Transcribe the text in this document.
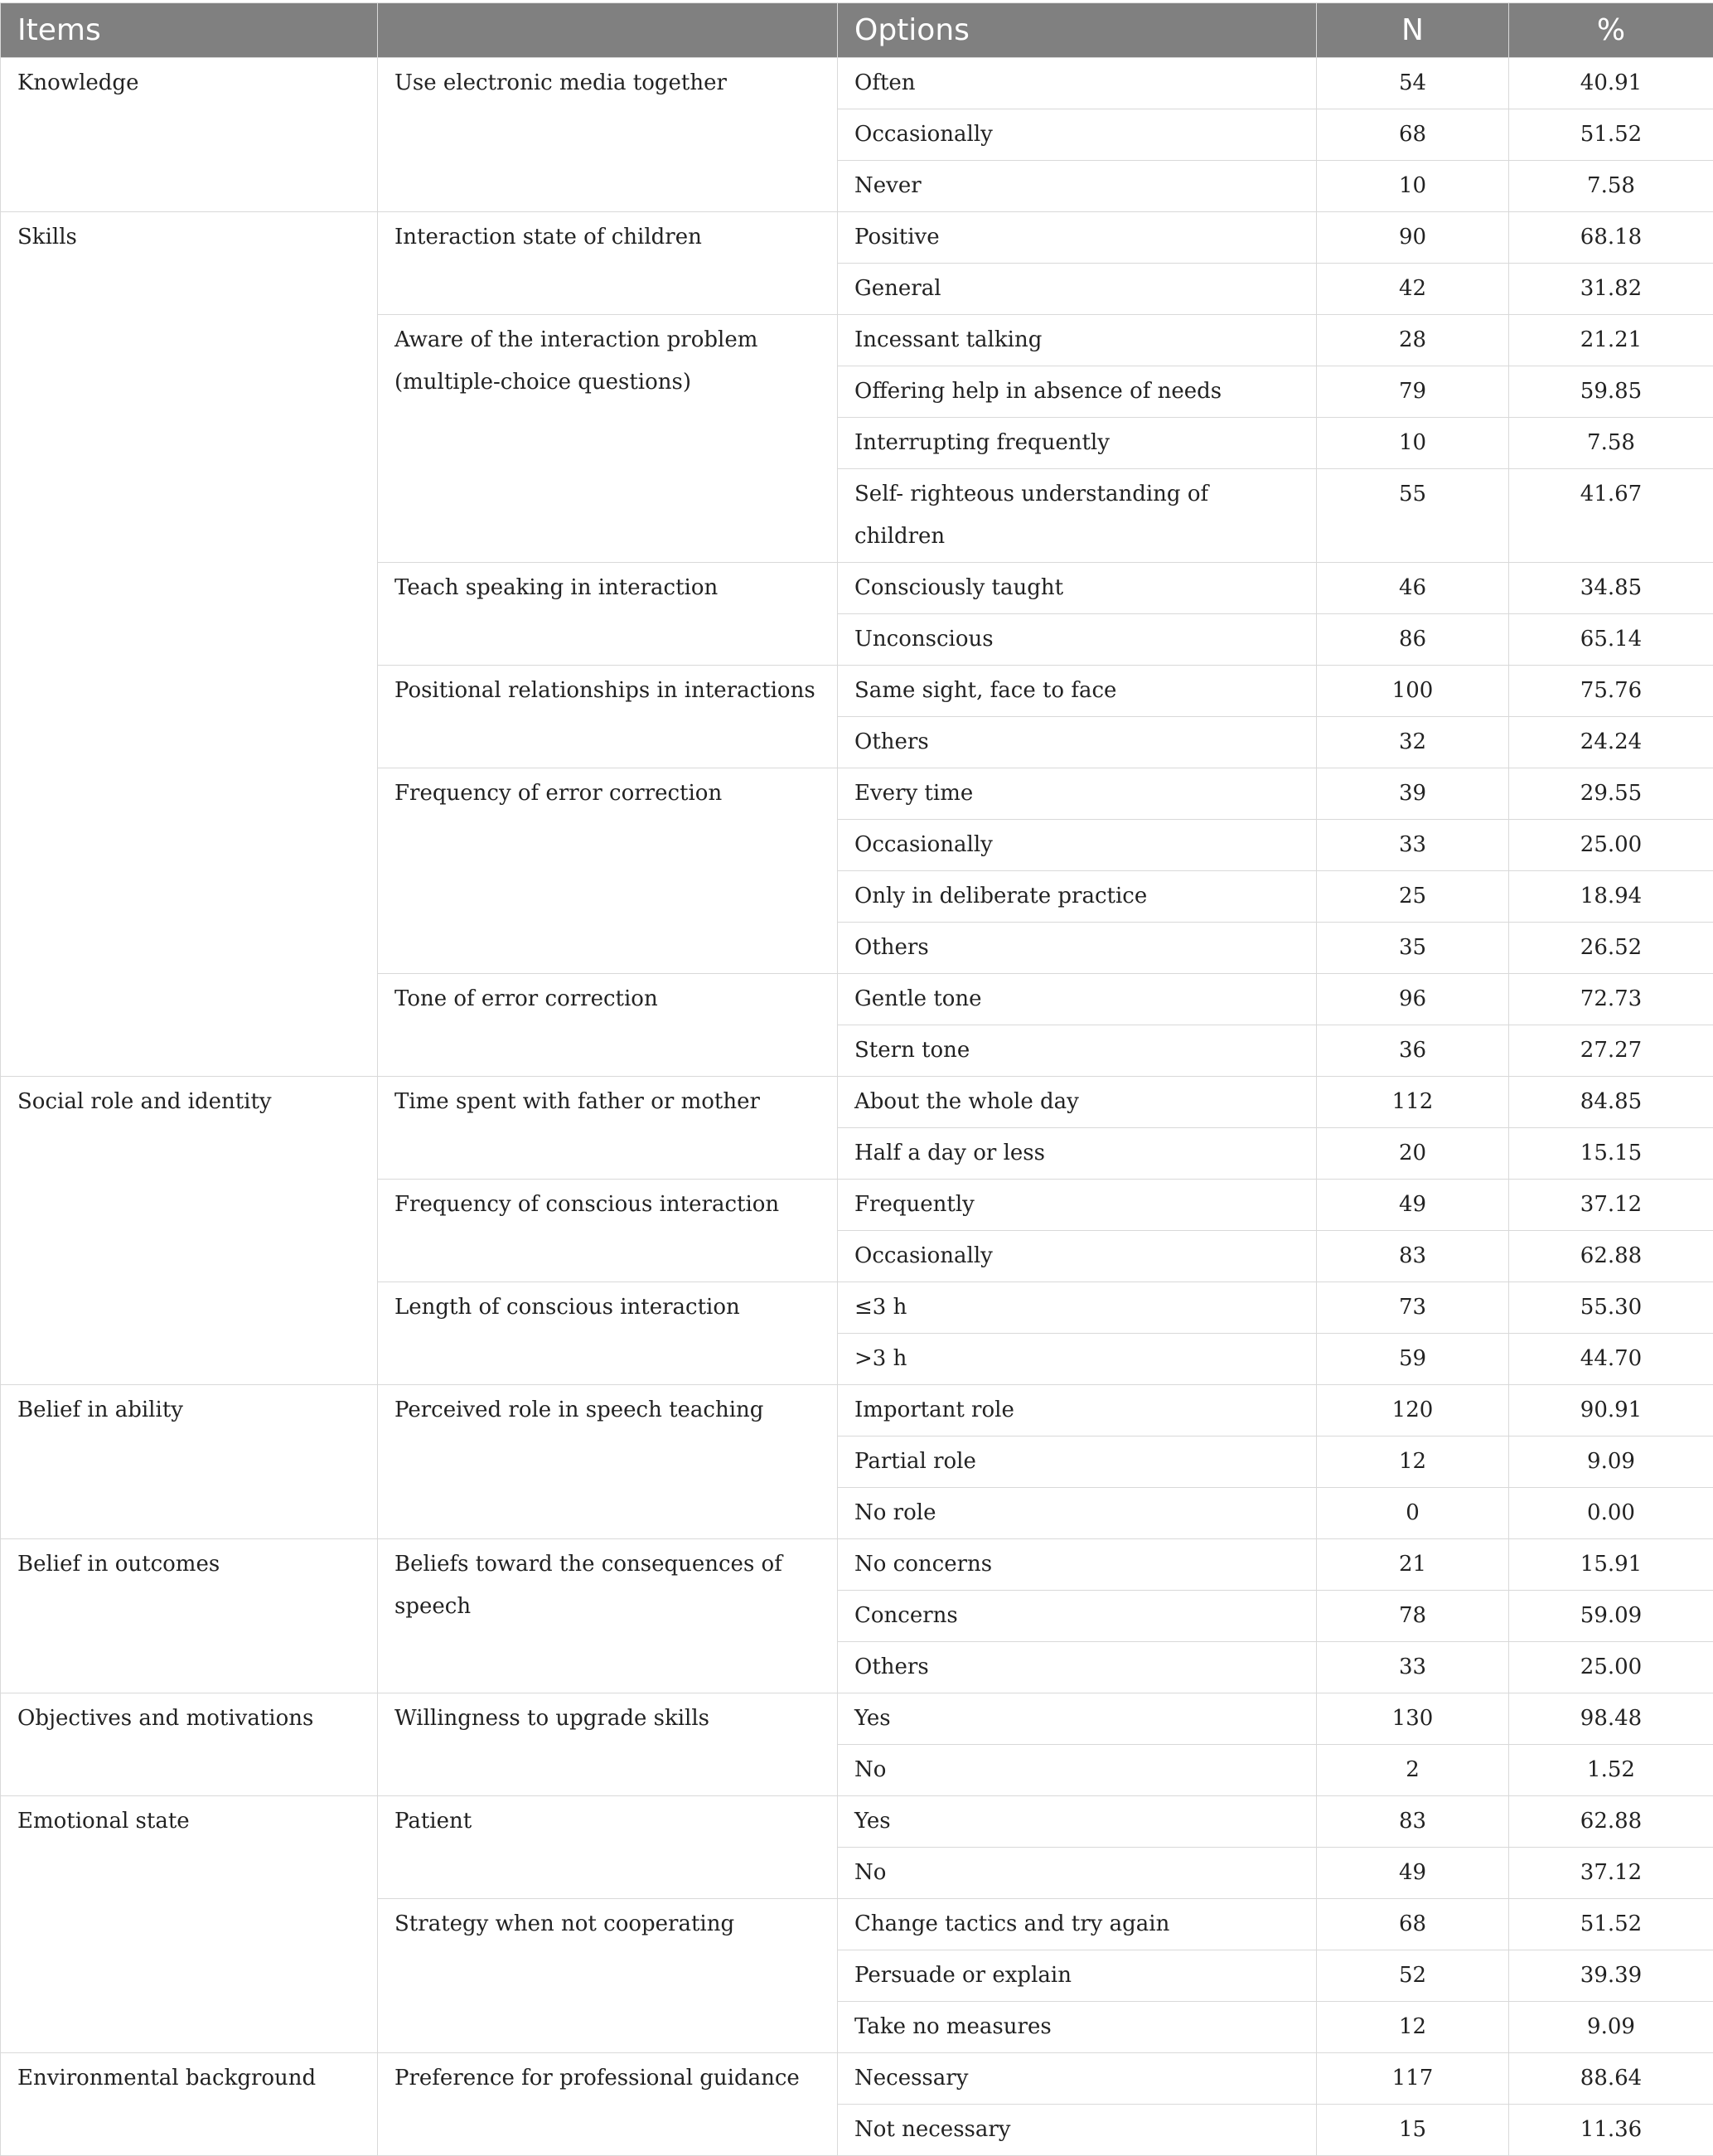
Items		Options	N	%
Knowledge	Use electronic media together	Often	54	40.91
		Occasionally	68	51.52
		Never	10	7.58
Skills	Interaction state of children	Positive	90	68.18
		General	42	31.82
	Aware of the interaction problem (multiple-choice questions)	Incessant talking	28	21.21
		Offering help in absence of needs	79	59.85
		Interrupting frequently	10	7.58
		Self- righteous understanding of children	55	41.67
	Teach speaking in interaction	Consciously taught	46	34.85
		Unconscious	86	65.14
	Positional relationships in interactions	Same sight, face to face	100	75.76
		Others	32	24.24
	Frequency of error correction	Every time	39	29.55
		Occasionally	33	25.00
		Only in deliberate practice	25	18.94
		Others	35	26.52
	Tone of error correction	Gentle tone	96	72.73
		Stern tone	36	27.27
Social role and identity	Time spent with father or mother	About the whole day	112	84.85
		Half a day or less	20	15.15
	Frequency of conscious interaction	Frequently	49	37.12
		Occasionally	83	62.88
	Length of conscious interaction	≤3 h	73	55.30
		>3 h	59	44.70
Belief in ability	Perceived role in speech teaching	Important role	120	90.91
		Partial role	12	9.09
		No role	0	0.00
Belief in outcomes	Beliefs toward the consequences of speech	No concerns	21	15.91
		Concerns	78	59.09
		Others	33	25.00
Objectives and motivations	Willingness to upgrade skills	Yes	130	98.48
		No	2	1.52
Emotional state	Patient	Yes	83	62.88
		No	49	37.12
	Strategy when not cooperating	Change tactics and try again	68	51.52
		Persuade or explain	52	39.39
		Take no measures	12	9.09
Environmental background	Preference for professional guidance	Necessary	117	88.64
		Not necessary	15	11.36
